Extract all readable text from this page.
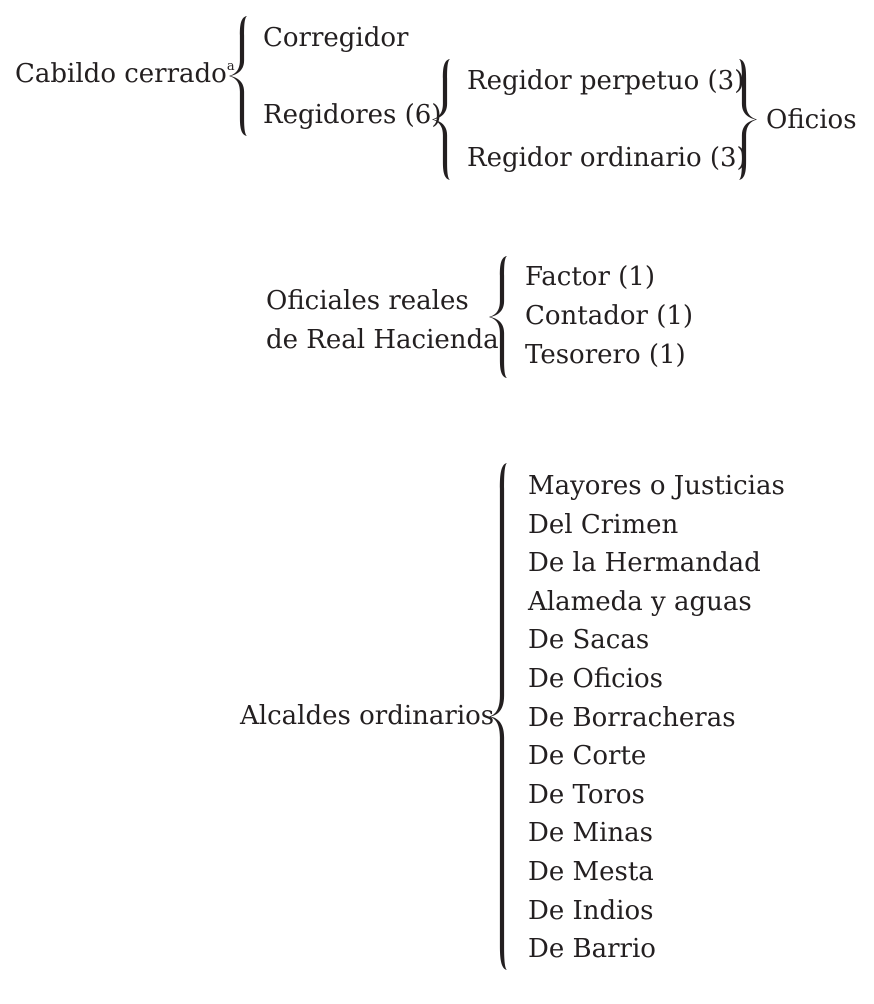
Cabildo cerrado$^a$
Corregidor
Regidores (6)
Regidor perpetuo (3)
Regidor ordinario (3)
Oficios
Oficiales reales
de Real Hacienda
Factor (1)
Contador (1)
Tesorero (1)
Alcaldes ordinarios
Mayores o Justicias
Del Crimen
De la Hermandad
Alameda y aguas
De Sacas
De Oficios
De Borracheras
De Corte
De Toros
De Minas
De Mesta
De Indios
De Barrio
